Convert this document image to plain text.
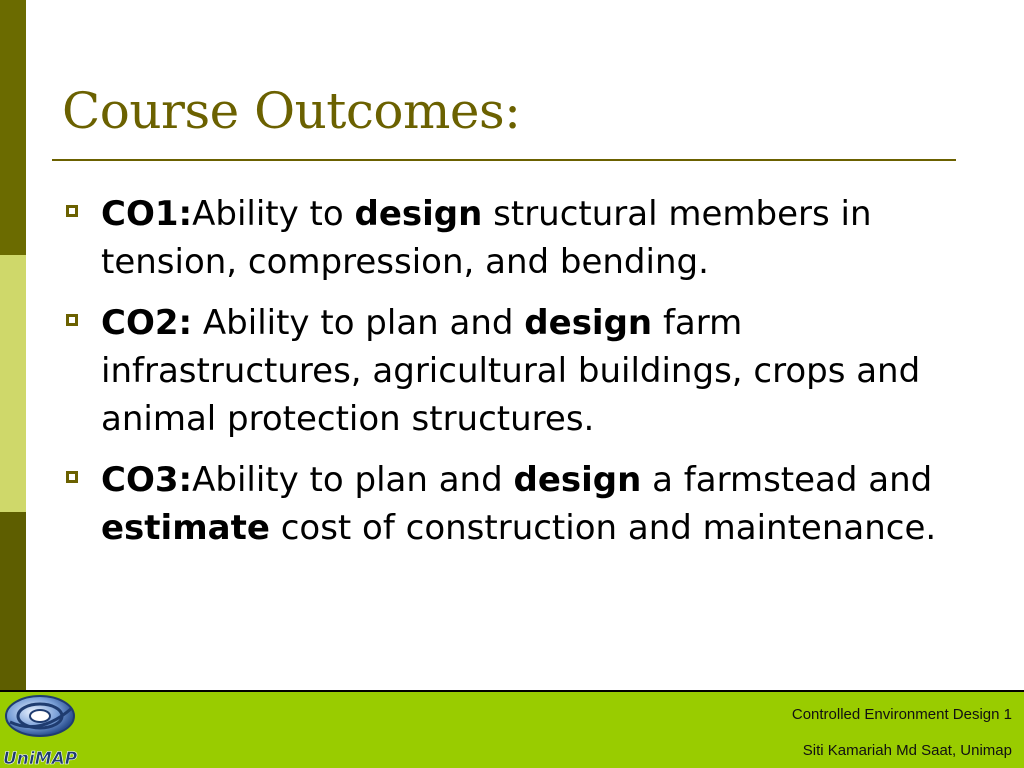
Course Outcomes:
CO1:Ability to design structural members in tension, compression, and bending.
CO2: Ability to plan and design farm infrastructures, agricultural buildings, crops and animal protection structures.
CO3:Ability to plan and design a farmstead and estimate cost of construction and maintenance.
UniMAP
Controlled Environment Design 1
Siti Kamariah Md Saat, Unimap
